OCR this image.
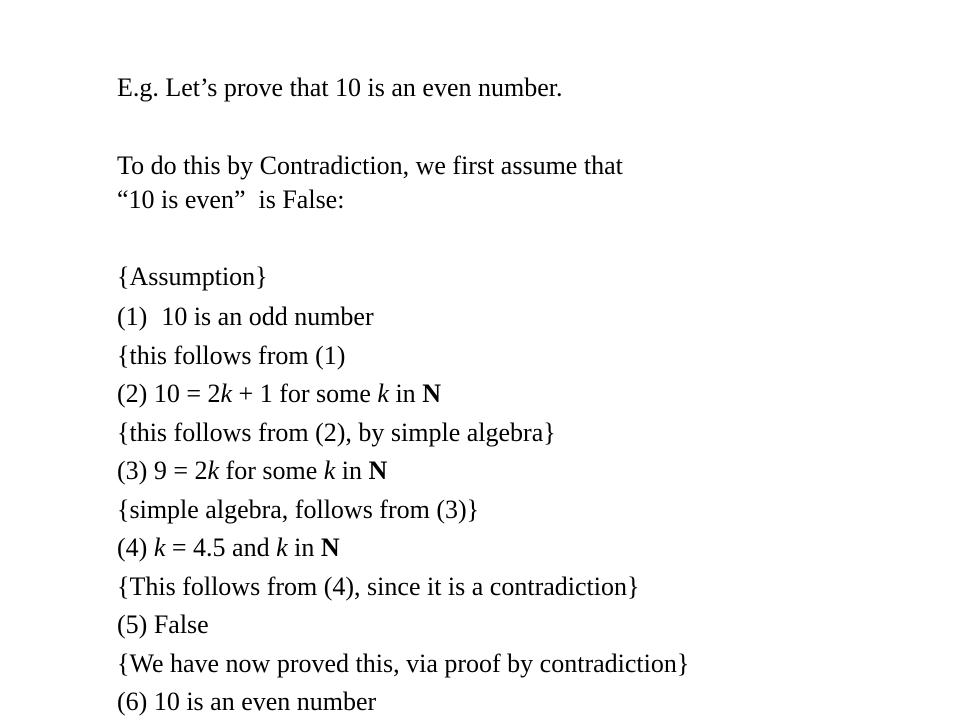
E.g. Let’s prove that 10 is an even number.
To do this by Contradiction, we first assume that
“10 is even”  is False:
{Assumption}
(1) 10 is an odd number
{this follows from (1)
(2) 10 = 2k + 1 for some k in N
{this follows from (2), by simple algebra}
(3) 9 = 2k for some k in N
{simple algebra, follows from (3)}
(4) k = 4.5 and k in N
{This follows from (4), since it is a contradiction}
(5) False
{We have now proved this, via proof by contradiction}
(6) 10 is an even number
